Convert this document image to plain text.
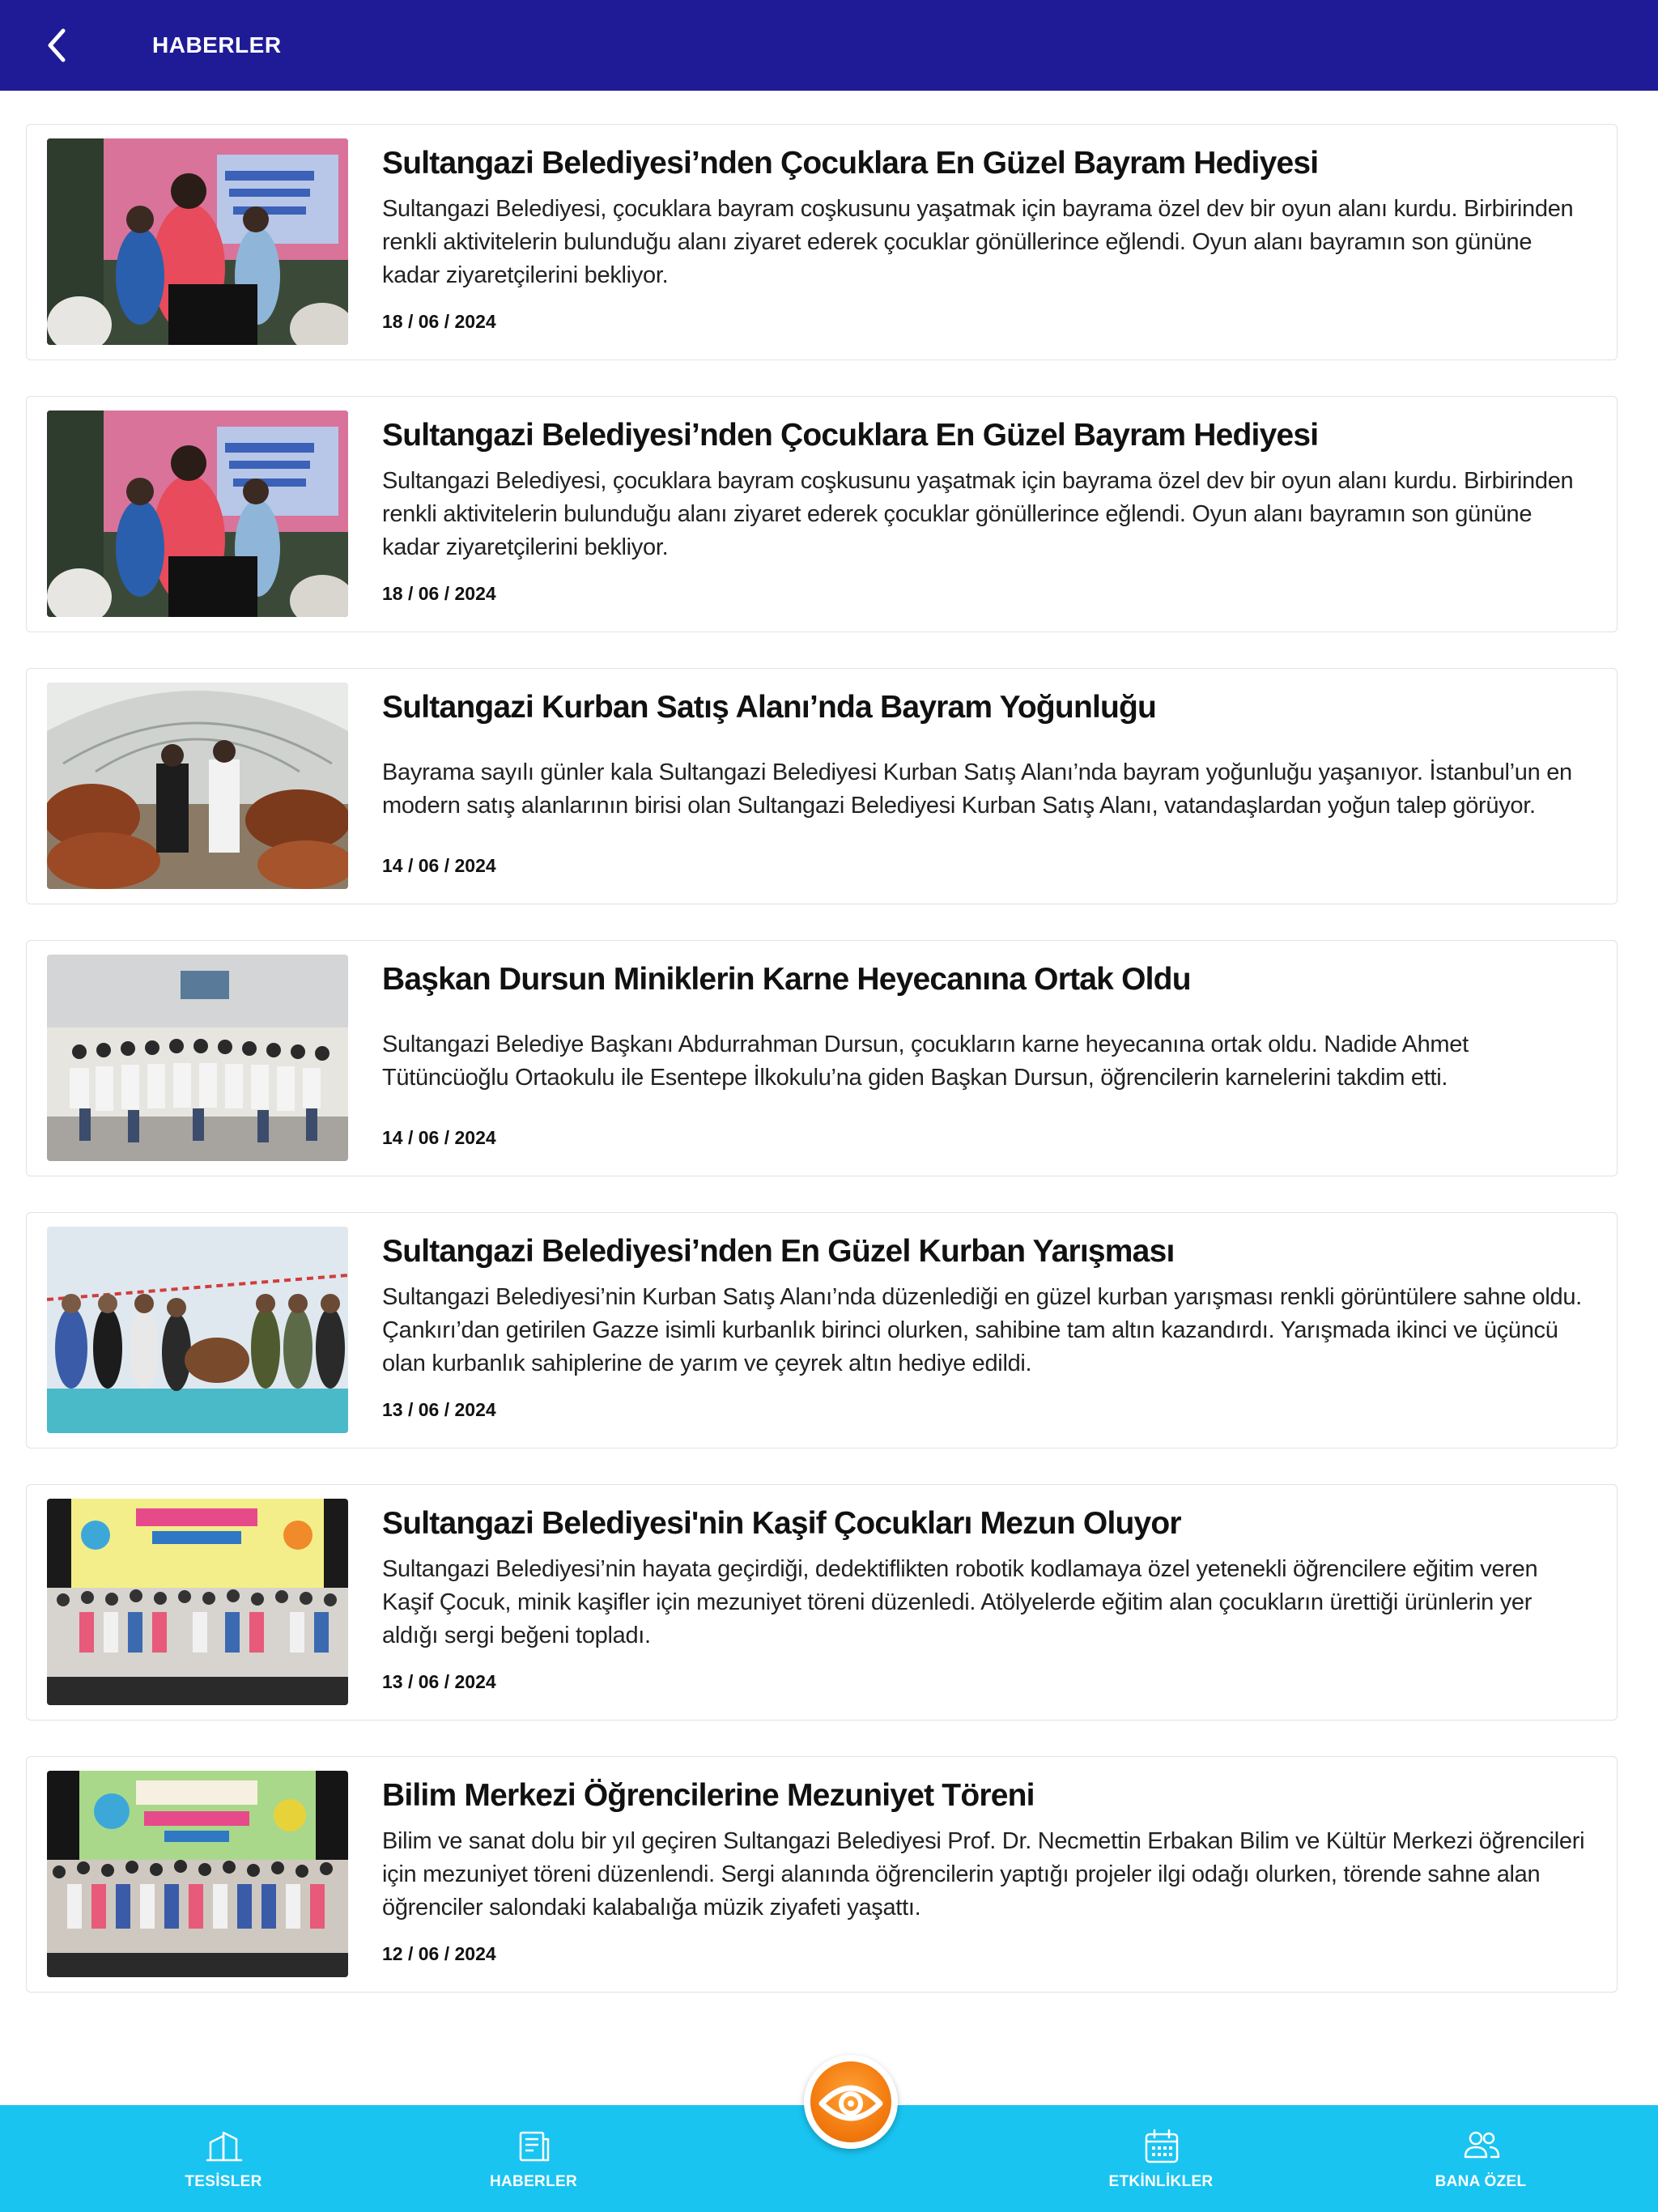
HABERLER
Sultangazi Belediyesi’nden Çocuklara En Güzel Bayram Hediyesi
Sultangazi Belediyesi, çocuklara bayram coşkusunu yaşatmak için bayrama özel dev bir oyun alanı kurdu. Birbirinden renkli aktivitelerin bulunduğu alanı ziyaret ederek çocuklar gönüllerince eğlendi. Oyun alanı bayramın son gününe kadar ziyaretçilerini bekliyor.
18 / 06 / 2024
Sultangazi Belediyesi’nden Çocuklara En Güzel Bayram Hediyesi
Sultangazi Belediyesi, çocuklara bayram coşkusunu yaşatmak için bayrama özel dev bir oyun alanı kurdu. Birbirinden renkli aktivitelerin bulunduğu alanı ziyaret ederek çocuklar gönüllerince eğlendi. Oyun alanı bayramın son gününe kadar ziyaretçilerini bekliyor.
18 / 06 / 2024
Sultangazi Kurban Satış Alanı’nda Bayram Yoğunluğu
Bayrama sayılı günler kala Sultangazi Belediyesi Kurban Satış Alanı’nda bayram yoğunluğu yaşanıyor. İstanbul’un en modern satış alanlarının birisi olan Sultangazi Belediyesi Kurban Satış Alanı, vatandaşlardan yoğun talep görüyor.
14 / 06 / 2024
Başkan Dursun Miniklerin Karne Heyecanına Ortak Oldu
Sultangazi Belediye Başkanı Abdurrahman Dursun, çocukların karne heyecanına ortak oldu. Nadide Ahmet Tütüncüoğlu Ortaokulu ile Esentepe İlkokulu’na giden Başkan Dursun, öğrencilerin karnelerini takdim etti.
14 / 06 / 2024
Sultangazi Belediyesi’nden En Güzel Kurban Yarışması
Sultangazi Belediyesi’nin Kurban Satış Alanı’nda düzenlediği en güzel kurban yarışması renkli görüntülere sahne oldu. Çankırı’dan getirilen Gazze isimli kurbanlık birinci olurken, sahibine tam altın kazandırdı. Yarışmada ikinci ve üçüncü olan kurbanlık sahiplerine de yarım ve çeyrek altın hediye edildi.
13 / 06 / 2024
Sultangazi Belediyesi'nin Kaşif Çocukları Mezun Oluyor
Sultangazi Belediyesi’nin hayata geçirdiği, dedektiflikten robotik kodlamaya özel yetenekli öğrencilere eğitim veren Kaşif Çocuk, minik kaşifler için mezuniyet töreni düzenledi. Atölyelerde eğitim alan çocukların ürettiği ürünlerin yer aldığı sergi beğeni topladı.
13 / 06 / 2024
Bilim Merkezi Öğrencilerine Mezuniyet Töreni
Bilim ve sanat dolu bir yıl geçiren Sultangazi Belediyesi Prof. Dr. Necmettin Erbakan Bilim ve Kültür Merkezi öğrencileri için mezuniyet töreni düzenlendi. Sergi alanında öğrencilerin yaptığı projeler ilgi odağı olurken, törende sahne alan öğrenciler salondaki kalabalığa müzik ziyafeti yaşattı.
12 / 06 / 2024
TESİSLER	HABERLER	ETKİNLİKLER	BANA ÖZEL
